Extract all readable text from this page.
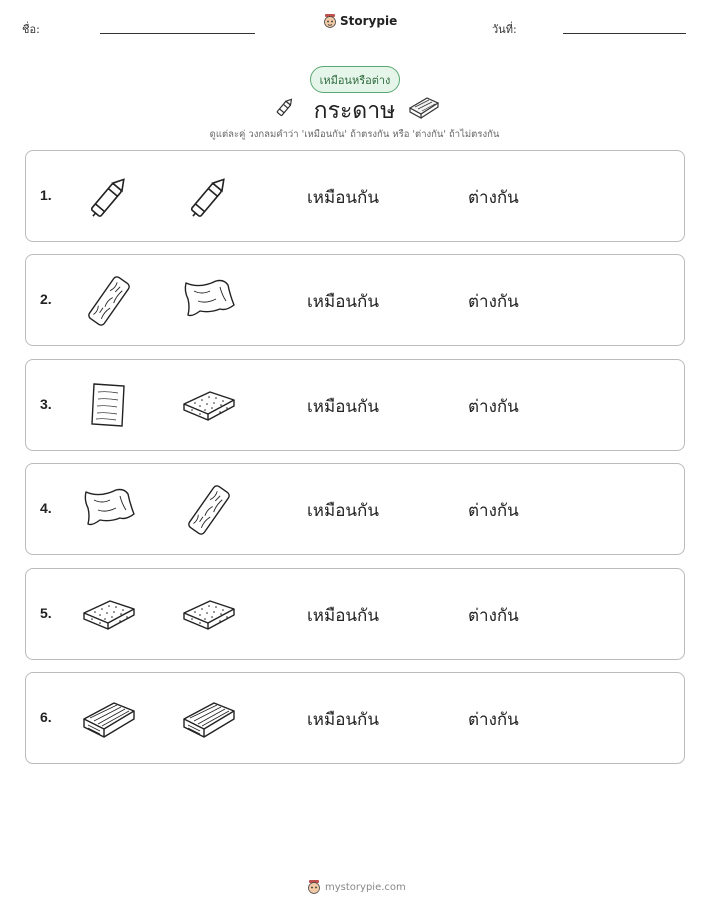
ชื่อ:	วันที่:
Storypie
เหมือนหรือต่าง
กระดาษ
ดูแต่ละคู่ วงกลมคำว่า 'เหมือนกัน' ถ้าตรงกัน หรือ 'ต่างกัน' ถ้าไม่ตรงกัน
1.	เหมือนกัน	ต่างกัน
2.	เหมือนกัน	ต่างกัน
3.	เหมือนกัน	ต่างกัน
4.	เหมือนกัน	ต่างกัน
5.	เหมือนกัน	ต่างกัน
6.	เหมือนกัน	ต่างกัน
mystorypie.com
